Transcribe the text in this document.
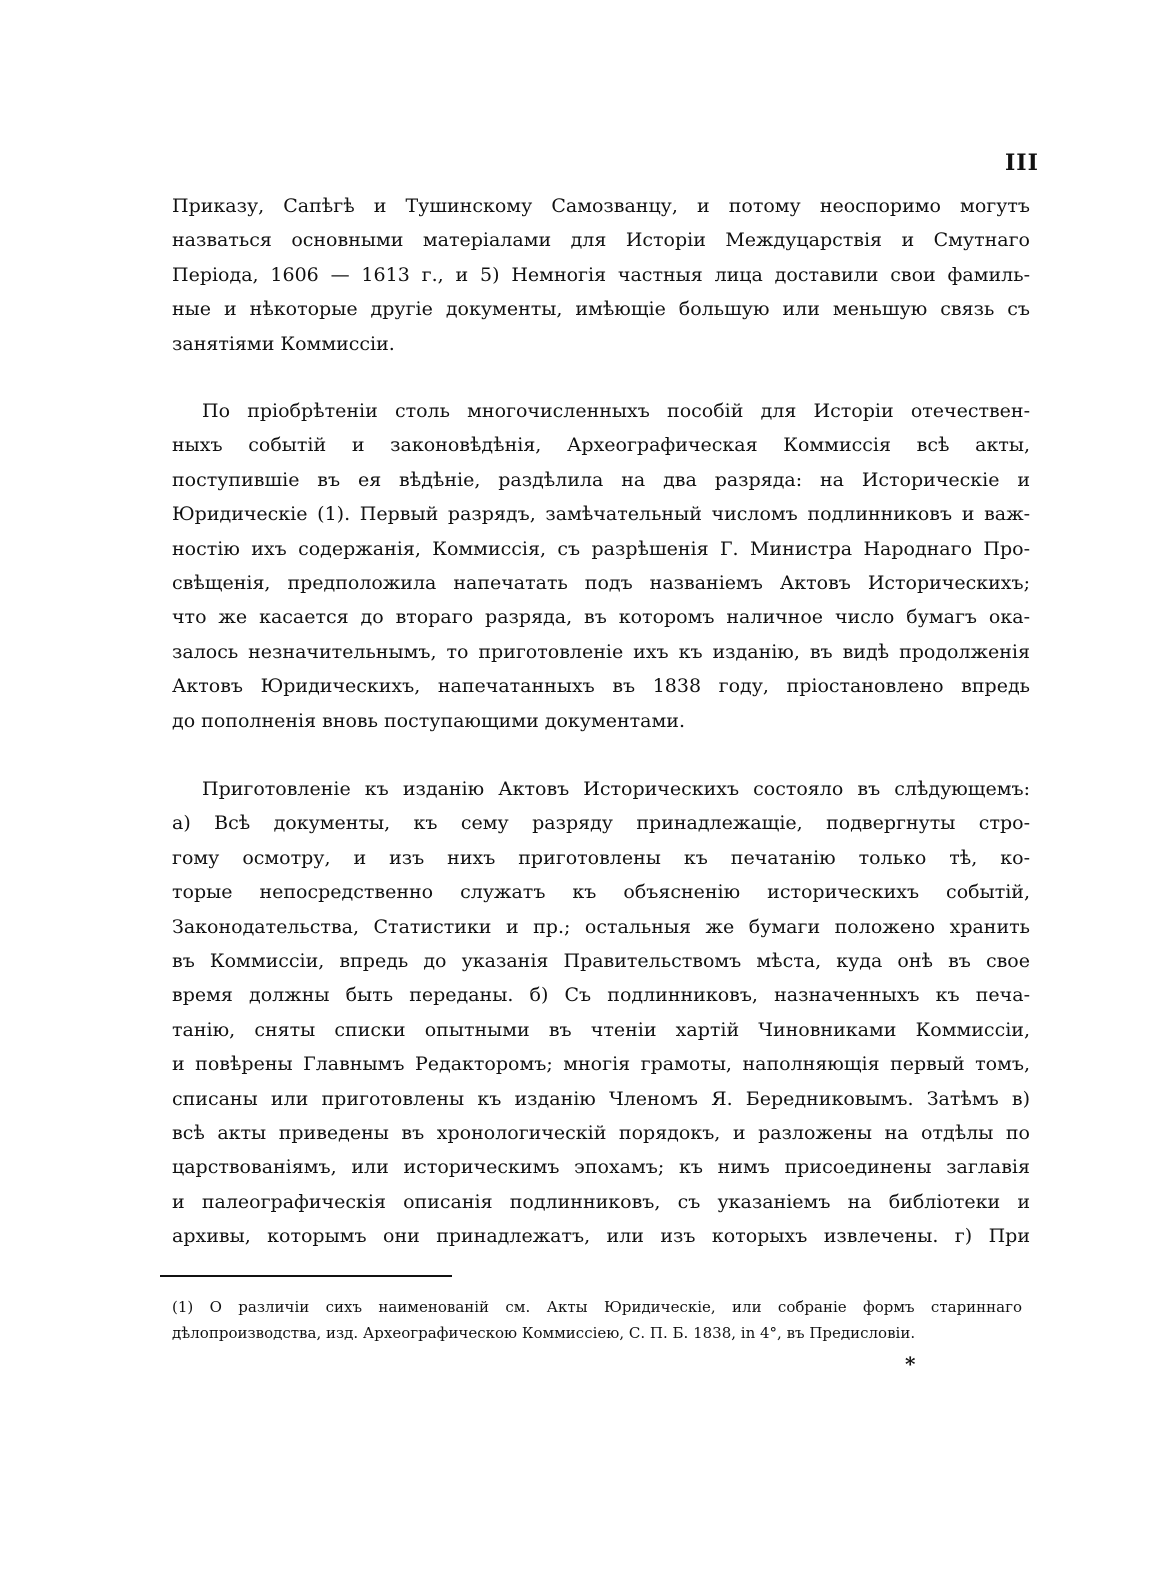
III
Приказу, Сапѣгѣ и Тушинскому Самозванцу, и потому неоспоримо могутъ
назваться основными матеріалами для Исторіи Междуцарствія и Смутнаго
Періода, 1606 — 1613 г., и 5) Немногія частныя лица доставили свои фамиль-
ные и нѣкоторые другіе документы, имѣющіе большую или меньшую связь съ
занятіями Коммиссіи.
По пріобрѣтеніи столь многочисленныхъ пособій для Исторіи отечествен-
ныхъ событій и законовѣдѣнія, Археографическая Коммиссія всѣ акты,
поступившіе въ ея вѣдѣніе, раздѣлила на два разряда: на Историческіе и
Юридическіе (1). Первый разрядъ, замѣчательный числомъ подлинниковъ и важ-
ностію ихъ содержанія, Коммиссія, съ разрѣшенія Г. Министра Народнаго Про-
свѣщенія, предположила напечатать подъ названіемъ Актовъ Историческихъ;
что же касается до втораго разряда, въ которомъ наличное число бумагъ ока-
залось незначительнымъ, то приготовленіе ихъ къ изданію, въ видѣ продолженія
Актовъ Юридическихъ, напечатанныхъ въ 1838 году, пріостановлено впредь
до пополненія вновь поступающими документами.
Приготовленіе къ изданію Актовъ Историческихъ состояло въ слѣдующемъ:
а) Всѣ документы, къ сему разряду принадлежащіе, подвергнуты стро-
гому осмотру, и изъ нихъ приготовлены къ печатанію только тѣ, ко-
торые непосредственно служатъ къ объясненію историческихъ событій,
Законодательства, Статистики и пр.; остальныя же бумаги положено хранить
въ Коммиссіи, впредь до указанія Правительствомъ мѣста, куда онѣ въ свое
время должны быть переданы. б) Съ подлинниковъ, назначенныхъ къ печа-
танію, сняты списки опытными въ чтеніи хартій Чиновниками Коммиссіи,
и повѣрены Главнымъ Редакторомъ; многія грамоты, наполняющія первый томъ,
списаны или приготовлены къ изданію Членомъ Я. Бередниковымъ. Затѣмъ в)
всѣ акты приведены въ хронологическій порядокъ, и разложены на отдѣлы по
царствованіямъ, или историческимъ эпохамъ; къ нимъ присоединены заглавія
и палеографическія описанія подлинниковъ, съ указаніемъ на библіотеки и
архивы, которымъ они принадлежатъ, или изъ которыхъ извлечены. г) При
(1) О различіи сихъ наименованій см. Акты Юридическіе, или собраніе формъ стариннаго
дѣлопроизводства, изд. Археографическою Коммиссіею, С. П. Б. 1838, in 4°, въ Предисловіи.
*
